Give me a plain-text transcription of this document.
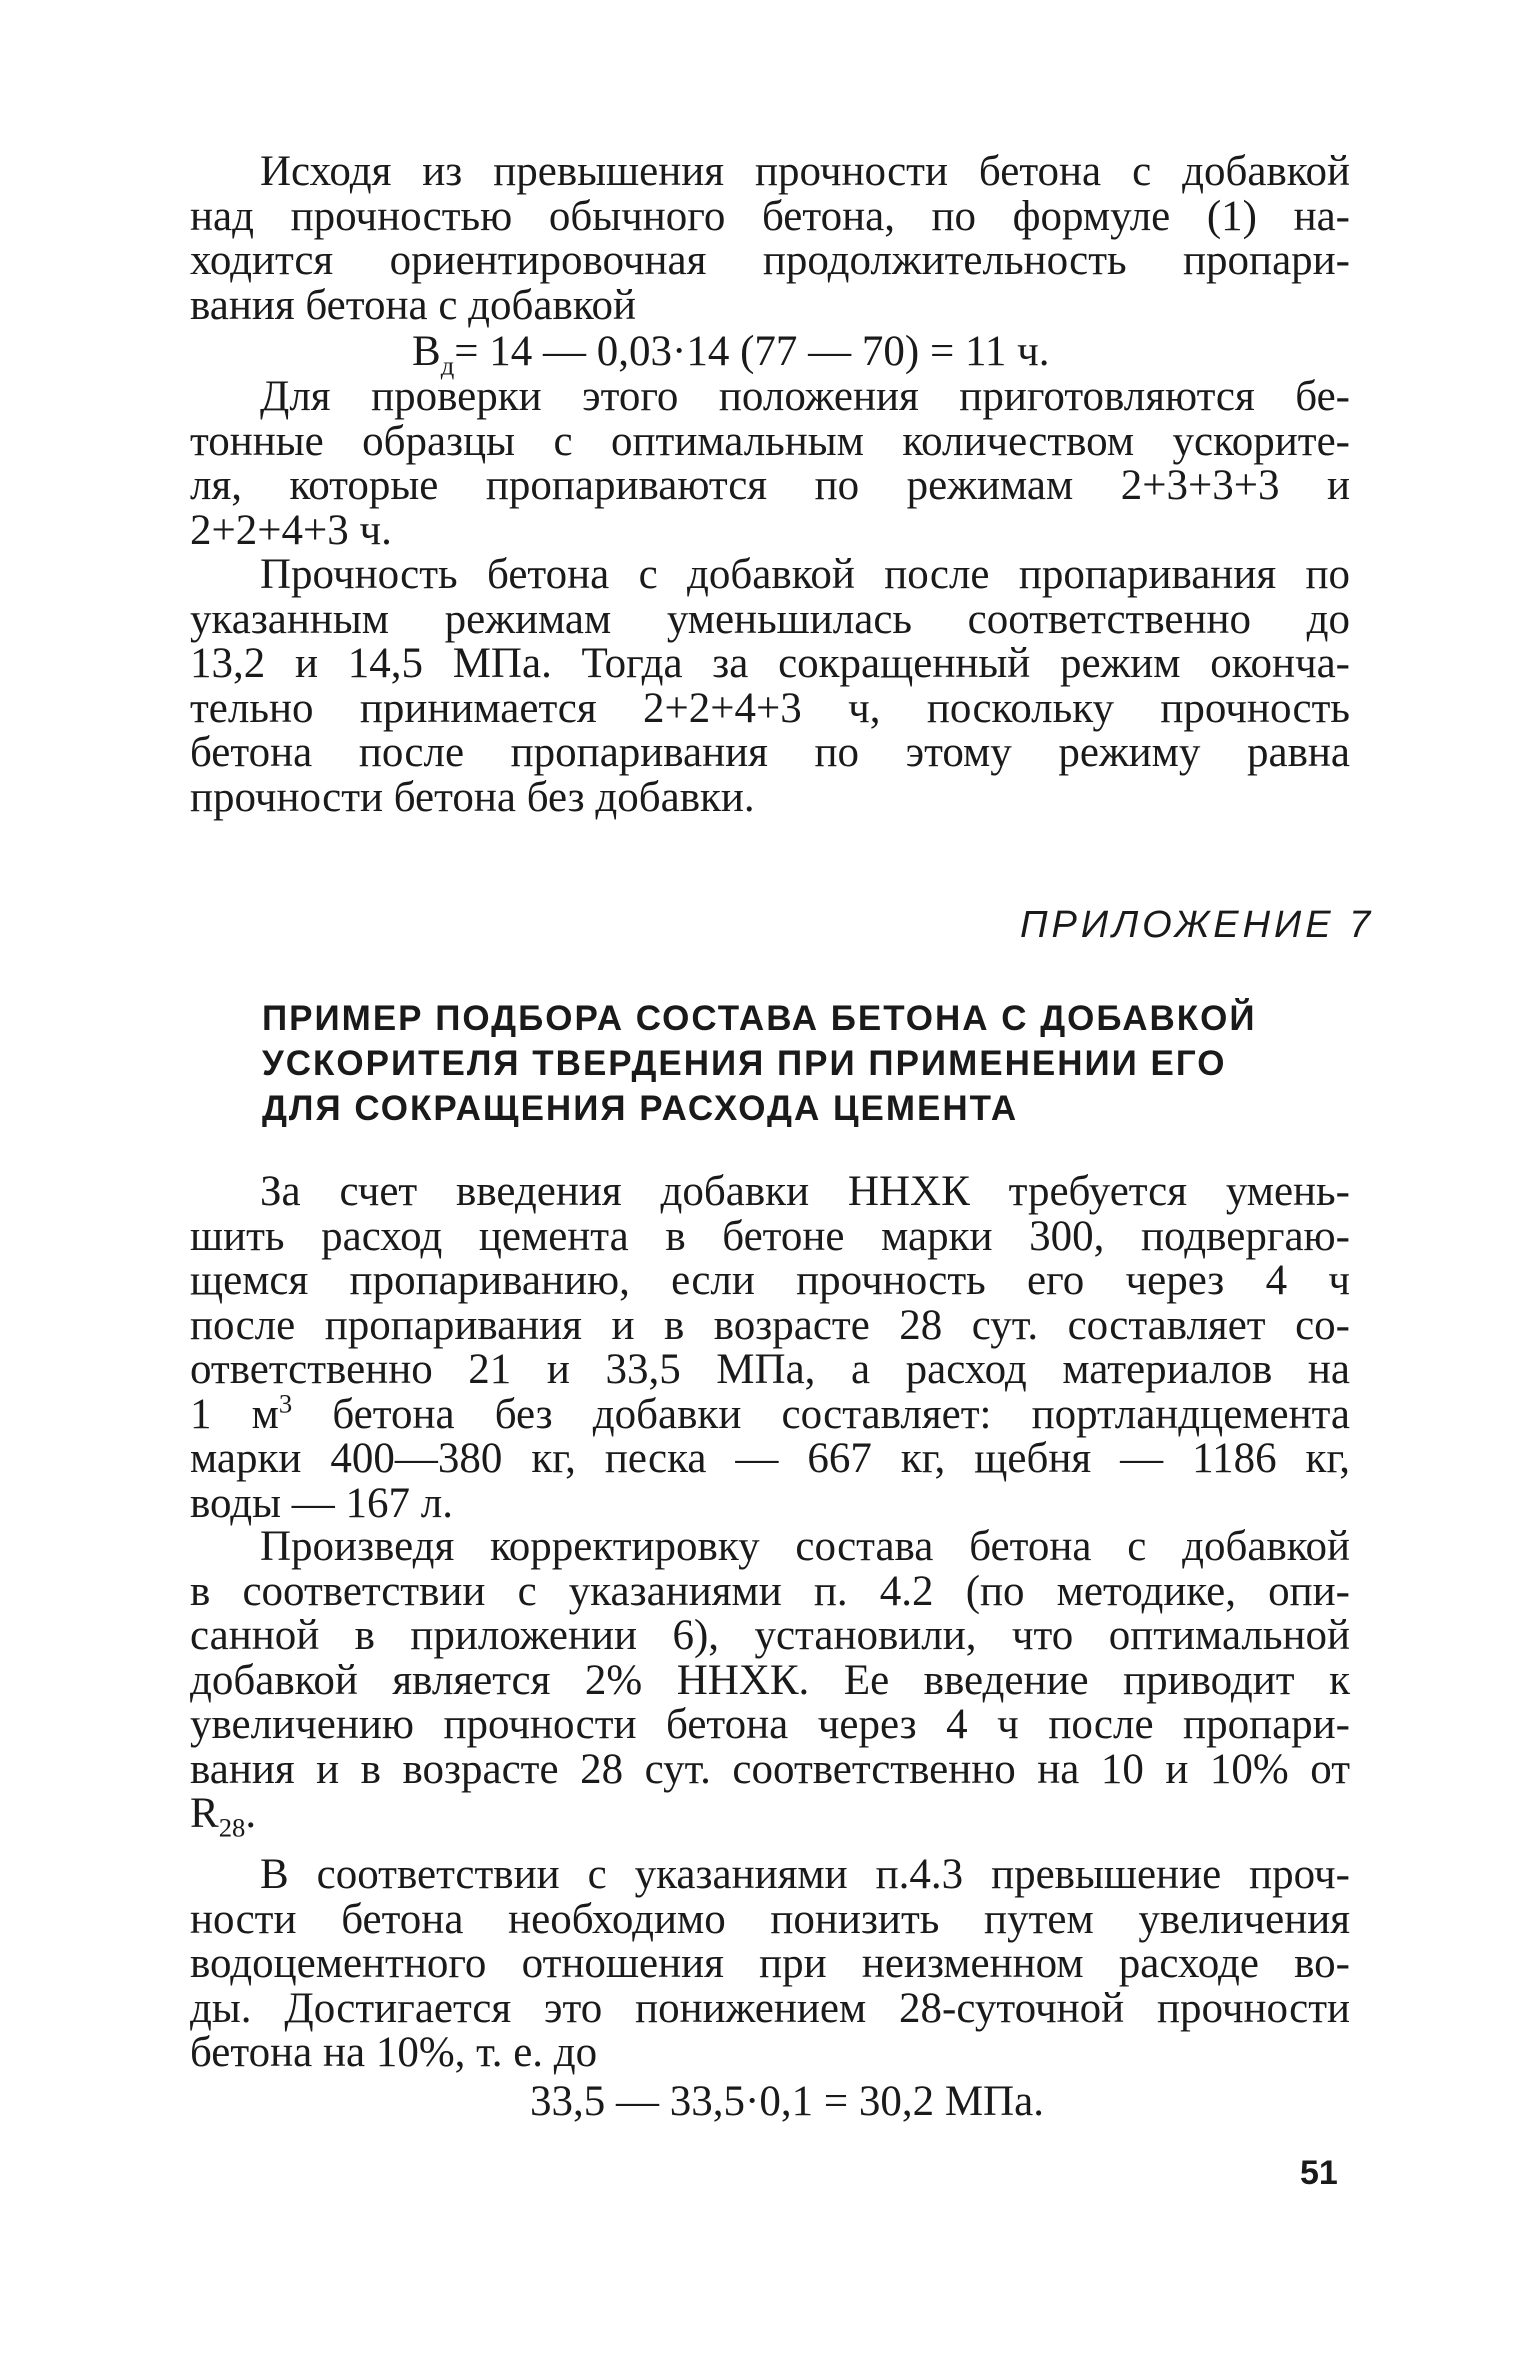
Исходя из превышения прочности бетона с добавкой
над прочностью обычного бетона, по формуле (1) на-
ходится ориентировочная продолжительность пропари-
вания бетона с добавкой

$B_д= 14$ — 0,03·14 (77 — 70) = 11 ч.

Для проверки этого положения приготовляются бе-
тонные образцы с оптимальным количеством ускорите-
ля, которые пропариваются по режимам 2+3+3+3 и
2+2+4+3 ч.

Прочность бетона с добавкой после пропаривания по
указанным режимам уменьшилась соответственно до
13,2 и 14,5 МПа. Тогда за сокращенный режим оконча-
тельно принимается 2+2+4+3 ч, поскольку прочность
бетона после пропаривания по этому режиму равна
прочности бетона без добавки.

ПРИЛОЖЕНИЕ 7
ПРИМЕР ПОДБОРА СОСТАВА БЕТОНА С ДОБАВКОЙ
УСКОРИТЕЛЯ ТВЕРДЕНИЯ ПРИ ПРИМЕНЕНИИ ЕГО
ДЛЯ СОКРАЩЕНИЯ РАСХОДА ЦЕМЕНТА

За счет введения добавки ННХК требуется умень-
шить расход цемента в бетоне марки 300, подвергаю-
щемся пропариванию, если прочность его через 4 ч
после пропаривания и в возрасте 28 сут. составляет со-
ответственно 21 и 33,5 МПа, а расход материалов на
1 $м^3$ бетона без добавки составляет: портландцемента
марки 400—380 кг, песка — 667 кг, щебня — 1186 кг,
воды — 167 л.

Произведя корректировку состава бетона с добавкой
в соответствии с указаниями п. 4.2 (по методике, опи-
санной в приложении 6), установили, что оптимальной
добавкой является 2% ННХК. Ее введение приводит к
увеличению прочности бетона через 4 ч после пропари-
вания и в возрасте 28 сут. соответственно на 10 и 10% от
$R_{28}$.

В соответствии с указаниями п.4.3 превышение проч-
ности бетона необходимо понизить путем увеличения
водоцементного отношения при неизменном расходе во-
ды. Достигается это понижением 28-суточной прочности
бетона на 10%, т. е. до

33,5 — 33,5·0,1 = 30,2 МПа.
51
